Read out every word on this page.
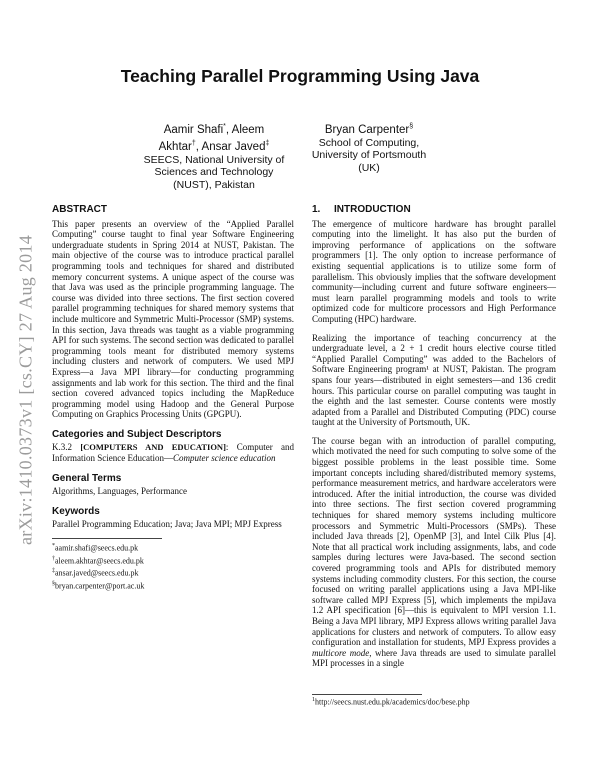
arXiv:1410.0373v1 [cs.CY] 27 Aug 2014
Teaching Parallel Programming Using Java
Aamir Shafi*, Aleem
Akhtar†, Ansar Javed‡
SEECS, National University of
Sciences and Technology
(NUST), Pakistan
Bryan Carpenter§
School of Computing,
University of Portsmouth (UK)
ABSTRACT

This paper presents an overview of the “Applied Parallel Computing” course taught to final year Software Engineering undergraduate students in Spring 2014 at NUST, Pakistan. The main objective of the course was to introduce practical parallel programming tools and techniques for shared and distributed memory concurrent systems. A unique aspect of the course was that Java was used as the principle programming language. The course was divided into three sections. The first section covered parallel programming techniques for shared memory systems that include multicore and Symmetric Multi-Processor (SMP) systems. In this section, Java threads was taught as a viable programming API for such systems. The second section was dedicated to parallel programming tools meant for distributed memory systems including clusters and network of computers. We used MPJ Express—a Java MPI library—for conducting programming assignments and lab work for this section. The third and the final section covered advanced topics including the MapReduce programming model using Hadoop and the General Purpose Computing on Graphics Processing Units (GPGPU).

Categories and Subject Descriptors

K.3.2 [COMPUTERS AND EDUCATION]: Computer and Information Science Education—Computer science education

General Terms

Algorithms, Languages, Performance

Keywords

Parallel Programming Education; Java; Java MPI; MPJ Express

*aamir.shafi@seecs.edu.pk
†aleem.akhtar@seecs.edu.pk
‡ansar.javed@seecs.edu.pk
§bryan.carpenter@port.ac.uk
1. INTRODUCTION

The emergence of multicore hardware has brought parallel computing into the limelight. It has also put the burden of improving performance of applications on the software programmers [1]. The only option to increase performance of existing sequential applications is to utilize some form of parallelism. This obviously implies that the software development community—including current and future software engineers—must learn parallel programming models and tools to write optimized code for multicore processors and High Performance Computing (HPC) hardware.

Realizing the importance of teaching concurrency at the undergraduate level, a 2 + 1 credit hours elective course titled “Applied Parallel Computing” was added to the Bachelors of Software Engineering program¹ at NUST, Pakistan. The program spans four years—distributed in eight semesters—and 136 credit hours. This particular course on parallel computing was taught in the eighth and the last semester. Course contents were mostly adapted from a Parallel and Distributed Computing (PDC) course taught at the University of Portsmouth, UK.

The course began with an introduction of parallel computing, which motivated the need for such computing to solve some of the biggest possible problems in the least possible time. Some important concepts including shared/distributed memory systems, performance measurement metrics, and hardware accelerators were introduced. After the initial introduction, the course was divided into three sections. The first section covered programming techniques for shared memory systems including multicore processors and Symmetric Multi-Processors (SMPs). These included Java threads [2], OpenMP [3], and Intel Cilk Plus [4]. Note that all practical work including assignments, labs, and code samples during lectures were Java-based. The second section covered programming tools and APIs for distributed memory systems including commodity clusters. For this section, the course focused on writing parallel applications using a Java MPI-like software called MPJ Express [5], which implements the mpiJava 1.2 API specification [6]—this is equivalent to MPI version 1.1. Being a Java MPI library, MPJ Express allows writing parallel Java applications for clusters and network of computers. To allow easy configuration and installation for students, MPJ Express provides a multicore mode, where Java threads are used to simulate parallel MPI processes in a single

$^1$http://seecs.nust.edu.pk/academics/doc/bese.php
